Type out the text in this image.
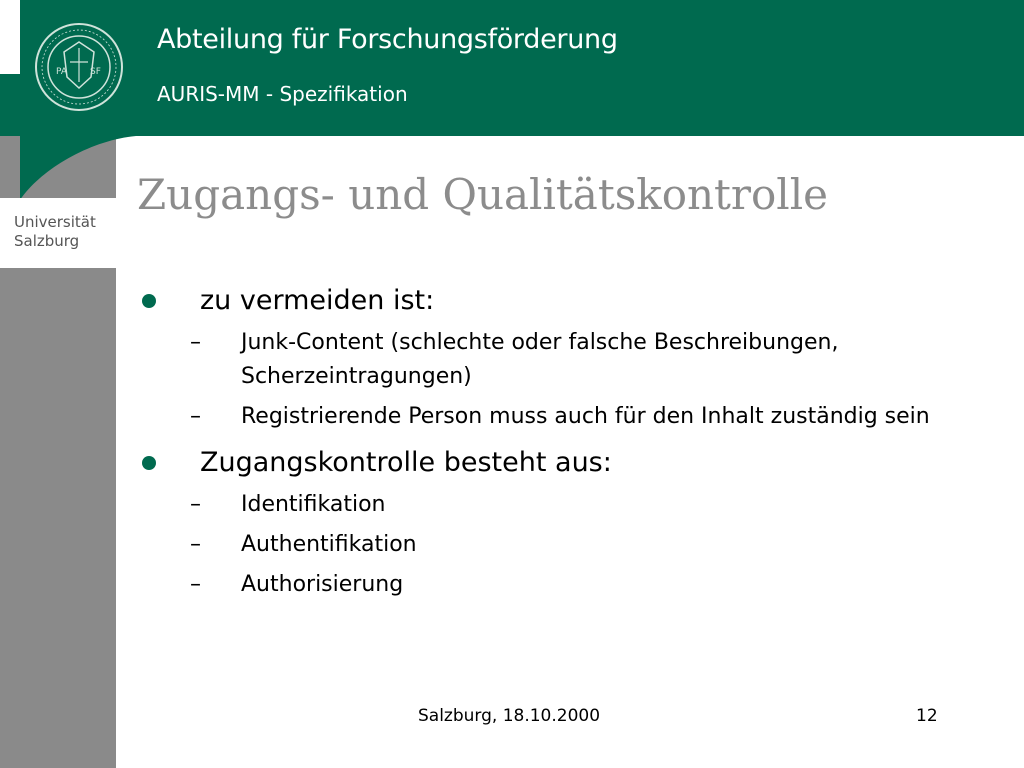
PA	SF
Universität
Salzburg
Abteilung für Forschungsförderung
AURIS-MM - Spezifikation
Zugangs- und Qualitätskontrolle
zu vermeiden ist:
– Junk-Content (schlechte oder falsche Beschreibungen, Scherzeintragungen)
– Registrierende Person muss auch für den Inhalt zuständig sein
Zugangskontrolle besteht aus:
– Identifikation
– Authentifikation
– Authorisierung
Salzburg, 18.10.2000	12
